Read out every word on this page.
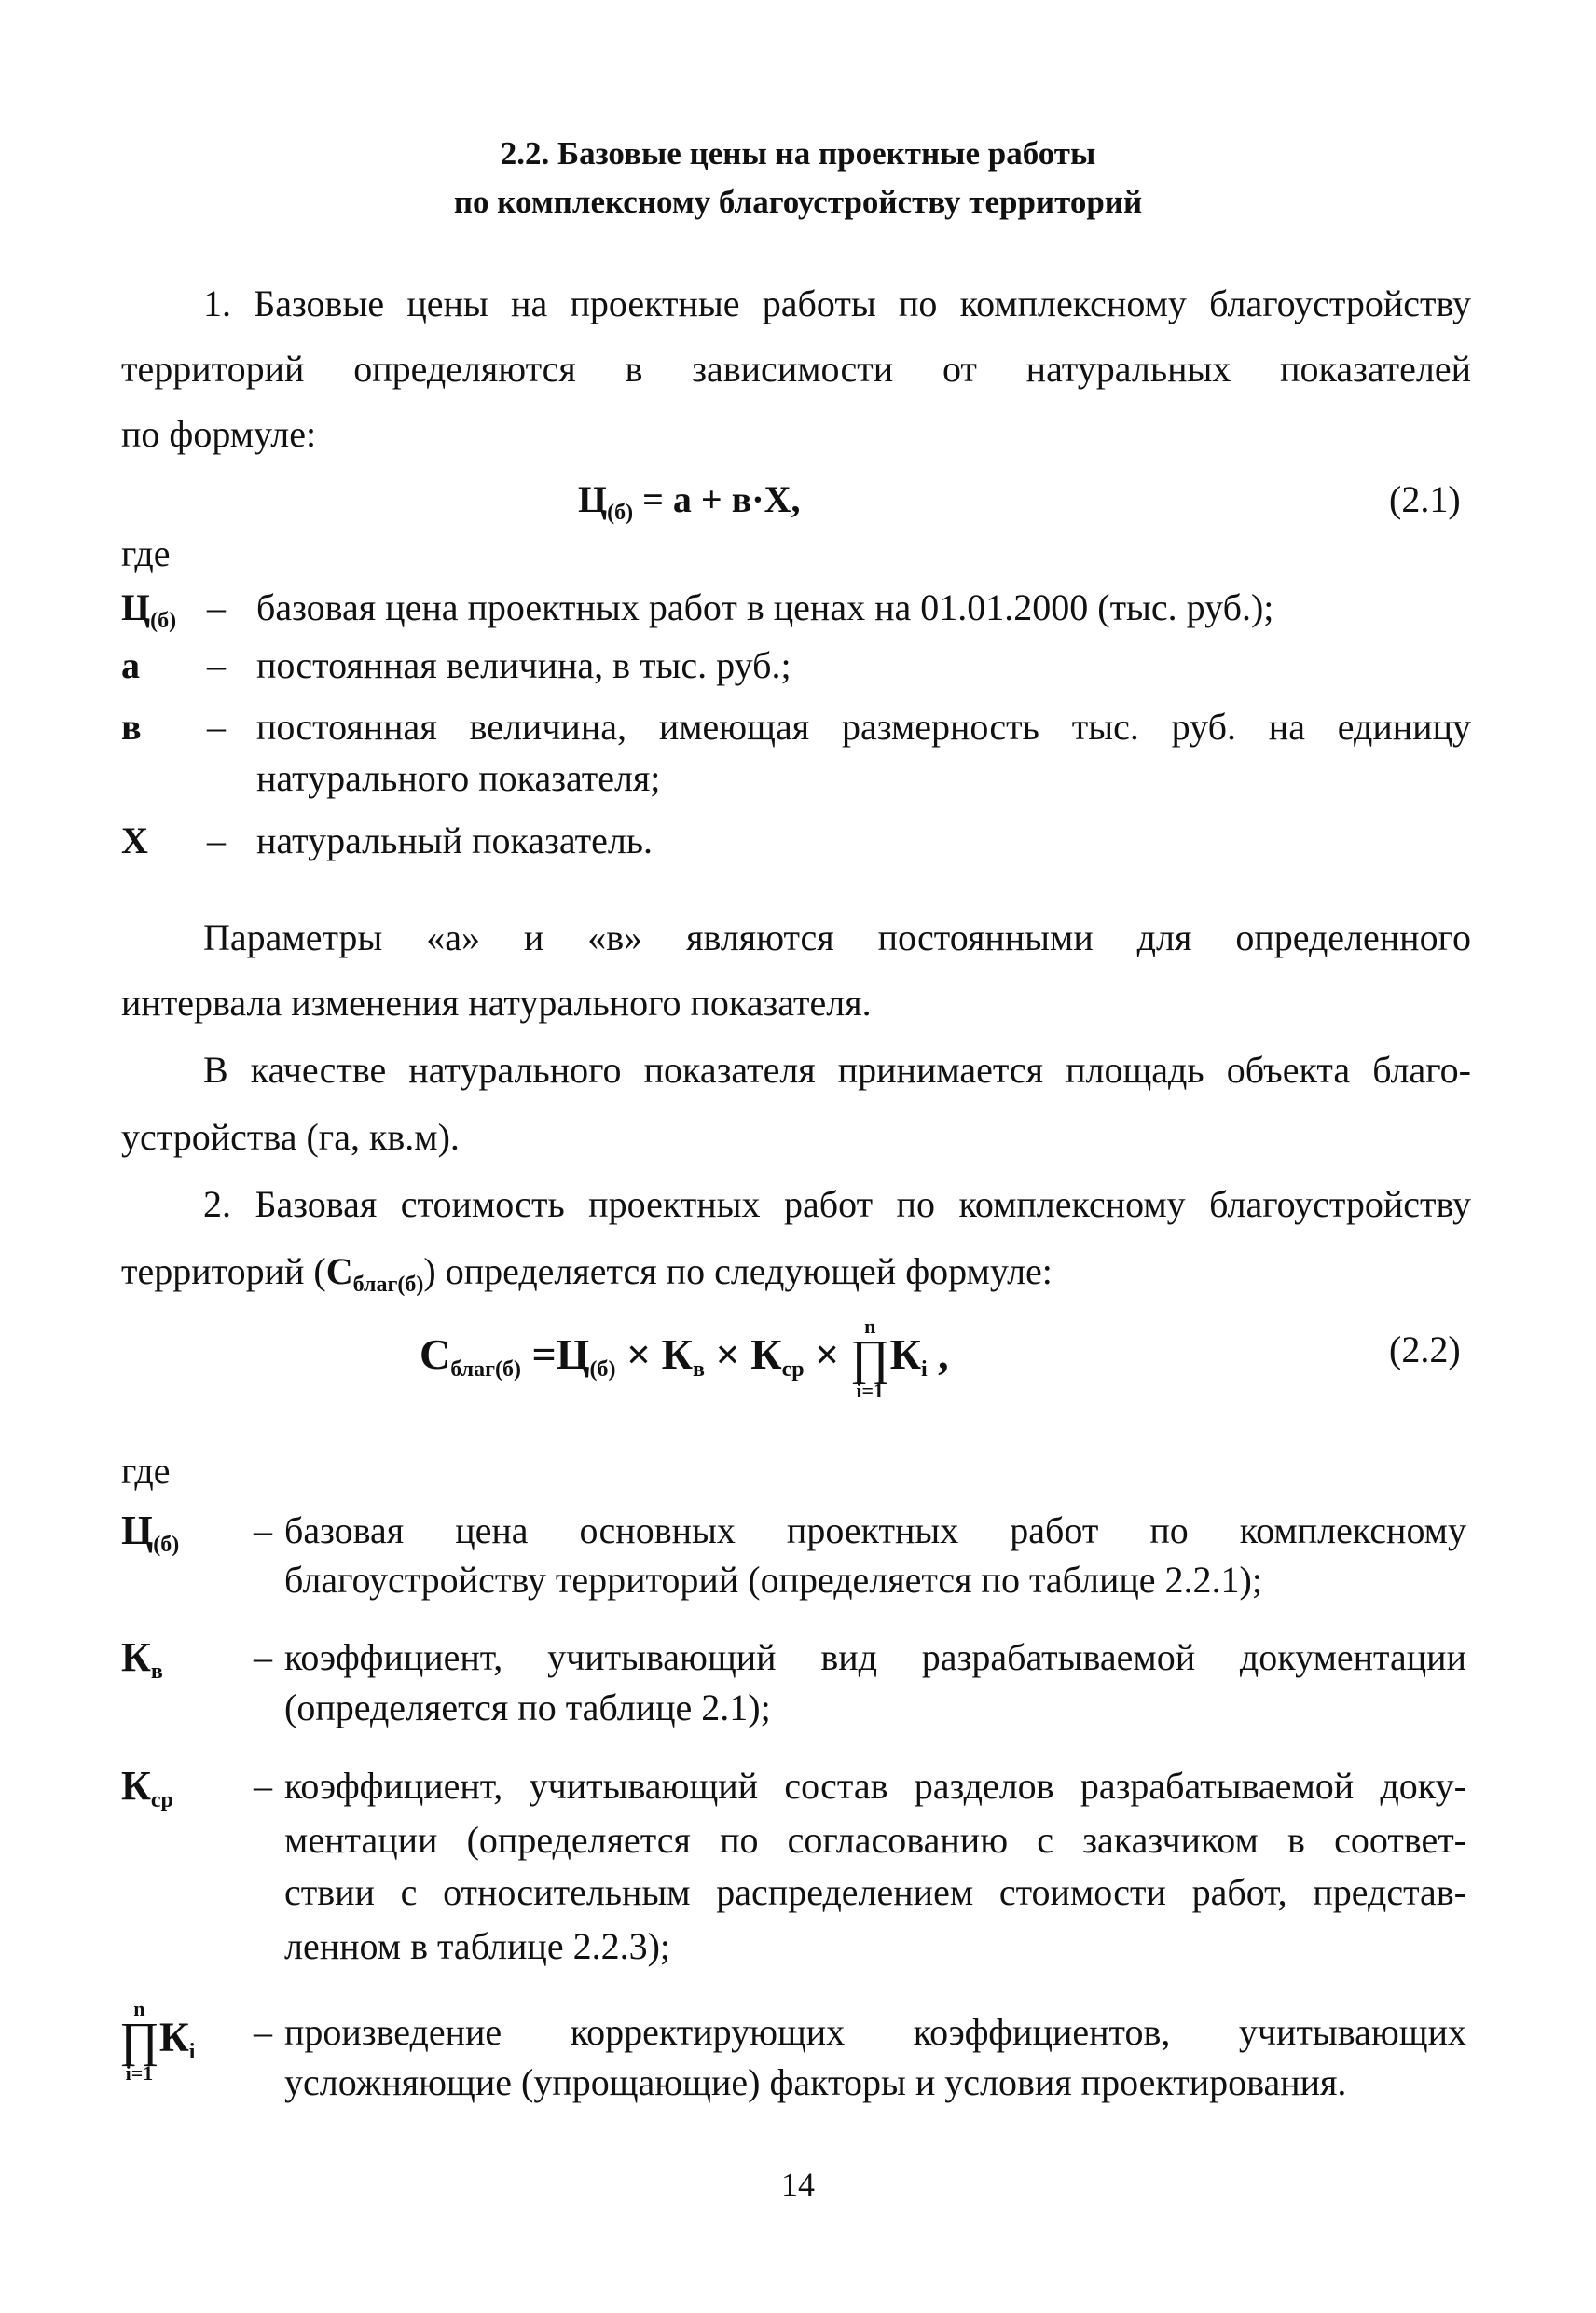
2.2. Базовые цены на проектные работы
по комплексному благоустройству территорий
1. Базовые цены на проектные работы по комплексному благоустройству
территорий определяются в зависимости от натуральных показателей
по формуле:
$Ц_{(б)} = а + в\cdot Х$,	(2.1)
где
$Ц_{(б)}$ – базовая цена проектных работ в ценах на 01.01.2000 (тыс. руб.);
а	– постоянная величина, в тыс. руб.;
в	– постоянная величина, имеющая размерность тыс. руб. на единицу
натурального показателя;
Х	– натуральный показатель.
Параметры «а» и «в» являются постоянными для определенного
интервала изменения натурального показателя.
В качестве натурального показателя принимается площадь объекта благо-
устройства (га, кв.м).
2. Базовая стоимость проектных работ по комплексному благоустройству
территорий $(С_{благ(б)})$ определяется по следующей формуле:
Сблаг(б) =Ц(б) × Кв × Кср ×
n
∏
i=1
Кi ,	(2.2)
где
Ц(б) – базовая цена основных проектных работ по комплексному
благоустройству территорий (определяется по таблице 2.2.1);
Кв – коэффициент, учитывающий вид разрабатываемой документации
(определяется по таблице 2.1);
Кср – коэффициент, учитывающий состав разделов разрабатываемой доку-
ментации (определяется по согласованию с заказчиком в соответ-
ствии с относительным распределением стоимости работ, представ-
ленном в таблице 2.2.3);
n
∏
i=1
Кi – произведение корректирующих коэффициентов, учитывающих
усложняющие (упрощающие) факторы и условия проектирования.
14
